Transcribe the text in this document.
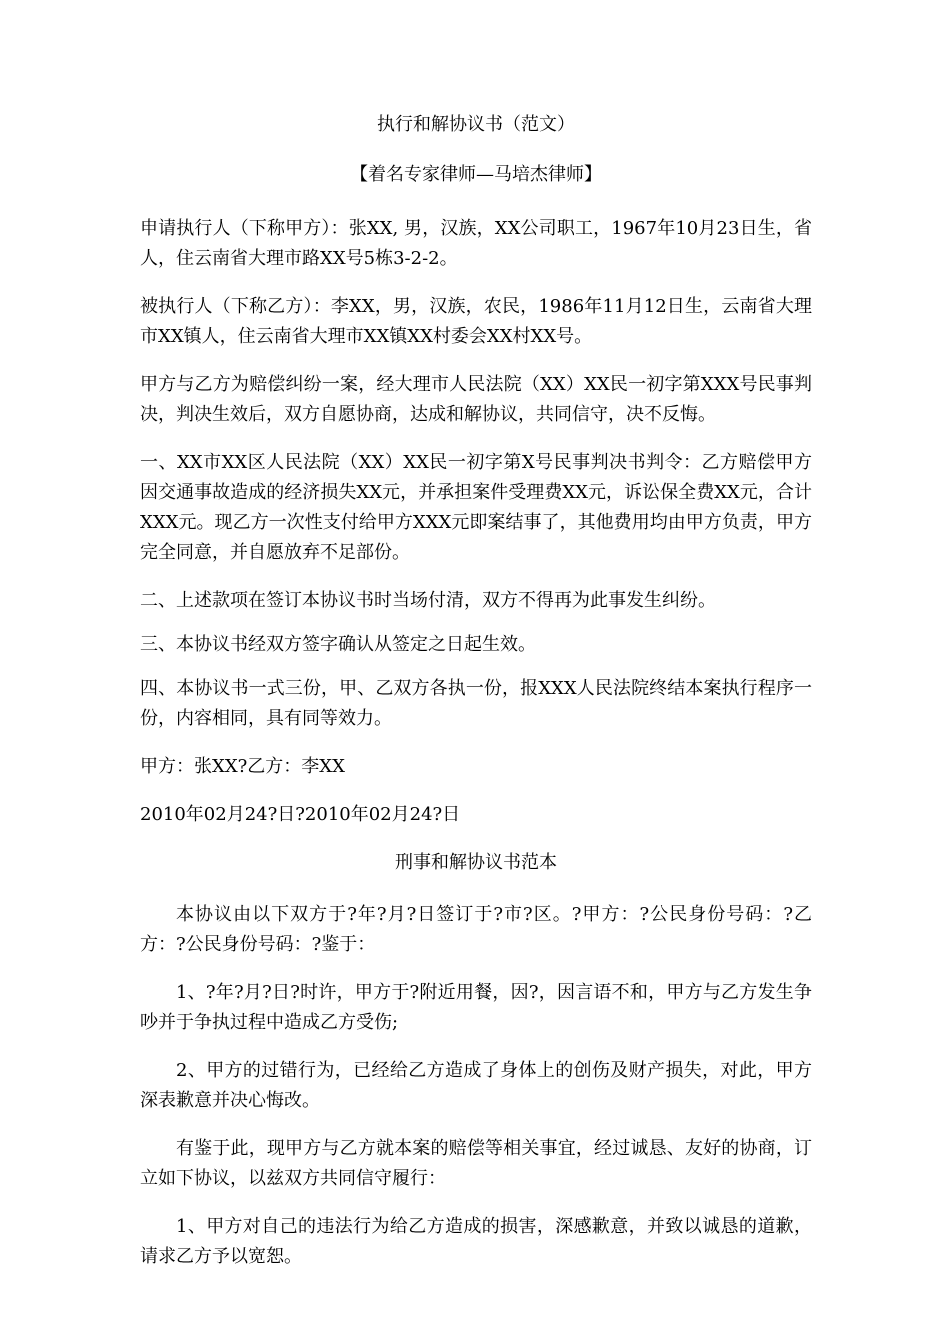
执行和解协议书（范文）

【着名专家律师—马培杰律师】

申请执行人（下称甲方）：张XX, 男，汉族，XX公司职工，1967年10月23日生，省人，住云南省大理市路XX号5栋3-2-2。

被执行人（下称乙方）：李XX，男，汉族，农民，1986年11月12日生，云南省大理市XX镇人，住云南省大理市XX镇XX村委会XX村XX号。

甲方与乙方为赔偿纠纷一案，经大理市人民法院（XX）XX民一初字第XXX号民事判决，判决生效后，双方自愿协商，达成和解协议，共同信守，决不反悔。

一、XX市XX区人民法院（XX）XX民一初字第X号民事判决书判令：乙方赔偿甲方因交通事故造成的经济损失XX元，并承担案件受理费XX元，诉讼保全费XX元，合计XXX元。现乙方一次性支付给甲方XXX元即案结事了，其他费用均由甲方负责，甲方完全同意，并自愿放弃不足部份。

二、上述款项在签订本协议书时当场付清，双方不得再为此事发生纠纷。

三、本协议书经双方签字确认从签定之日起生效。

四、本协议书一式三份，甲、乙双方各执一份，报XXX人民法院终结本案执行程序一份，内容相同，具有同等效力。

甲方：张XX?乙方：李XX

2010年02月24?日?2010年02月24?日

刑事和解协议书范本

本协议由以下双方于?年?月?日签订于?市?区。?甲方：?公民身份号码：?乙方：?公民身份号码：?鉴于：

1、?年?月?日?时许，甲方于?附近用餐，因?，因言语不和，甲方与乙方发生争吵并于争执过程中造成乙方受伤;

2、甲方的过错行为，已经给乙方造成了身体上的创伤及财产损失，对此，甲方深表歉意并决心悔改。

有鉴于此，现甲方与乙方就本案的赔偿等相关事宜，经过诚恳、友好的协商，订立如下协议，以兹双方共同信守履行：

1、甲方对自己的违法行为给乙方造成的损害，深感歉意，并致以诚恳的道歉，请求乙方予以宽恕。
